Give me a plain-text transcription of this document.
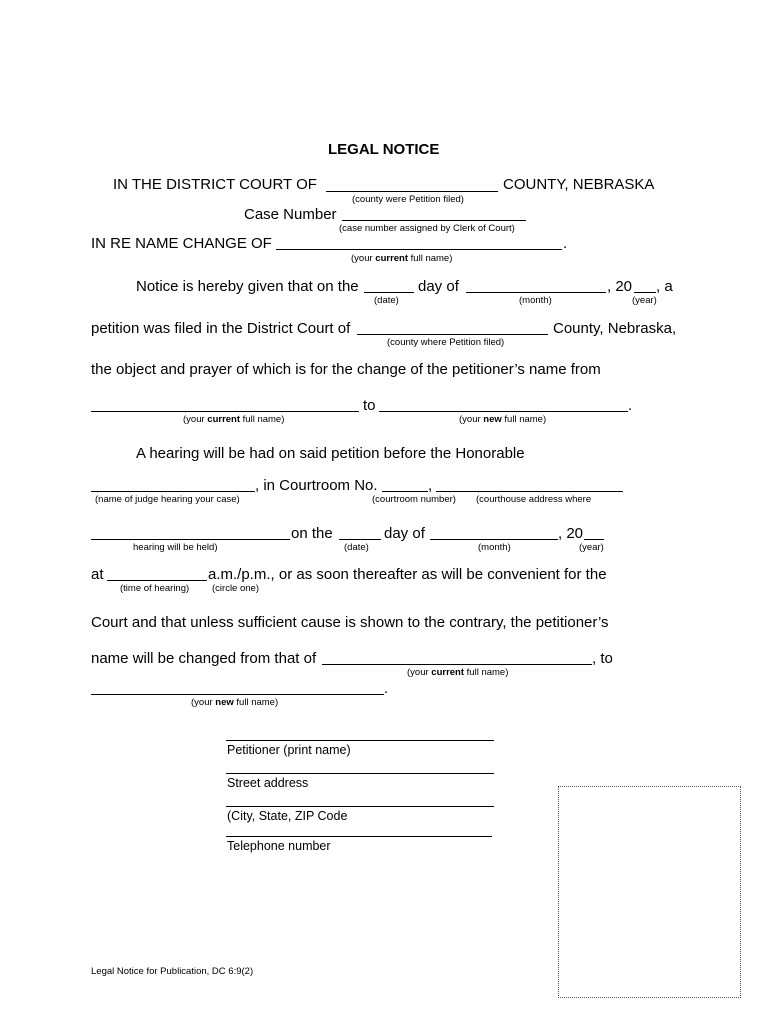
LEGAL NOTICE
IN THE DISTRICT COURT OF	COUNTY, NEBRASKA
(county were Petition filed)
Case Number
(case number assigned by Clerk of Court)
IN RE NAME CHANGE OF	.
(your current full name)
Notice is hereby given that on the	day of	, 20 , a
(date)	(month)	(year)
petition was filed in the District Court of	County, Nebraska,
(county where Petition filed)
the object and prayer of which is for the change of the petitioner’s name from
to	.
(your current full name)	(your new full name)
A hearing will be had on said petition before the Honorable
, in Courtroom No.	,
(name of judge hearing your case)	(courtroom number) (courthouse address where
on the	day of	, 20
hearing will be held)	(date)	(month)	(year)
at	a.m./p.m., or as soon thereafter as will be convenient for the
(time of hearing) (circle one)
Court and that unless sufficient cause is shown to the contrary, the petitioner’s
name will be changed from that of	, to
(your current full name)
.
(your new full name)
Petitioner (print name)
Street address
(City, State, ZIP Code
Telephone number
Legal Notice for Publication, DC 6:9(2)
